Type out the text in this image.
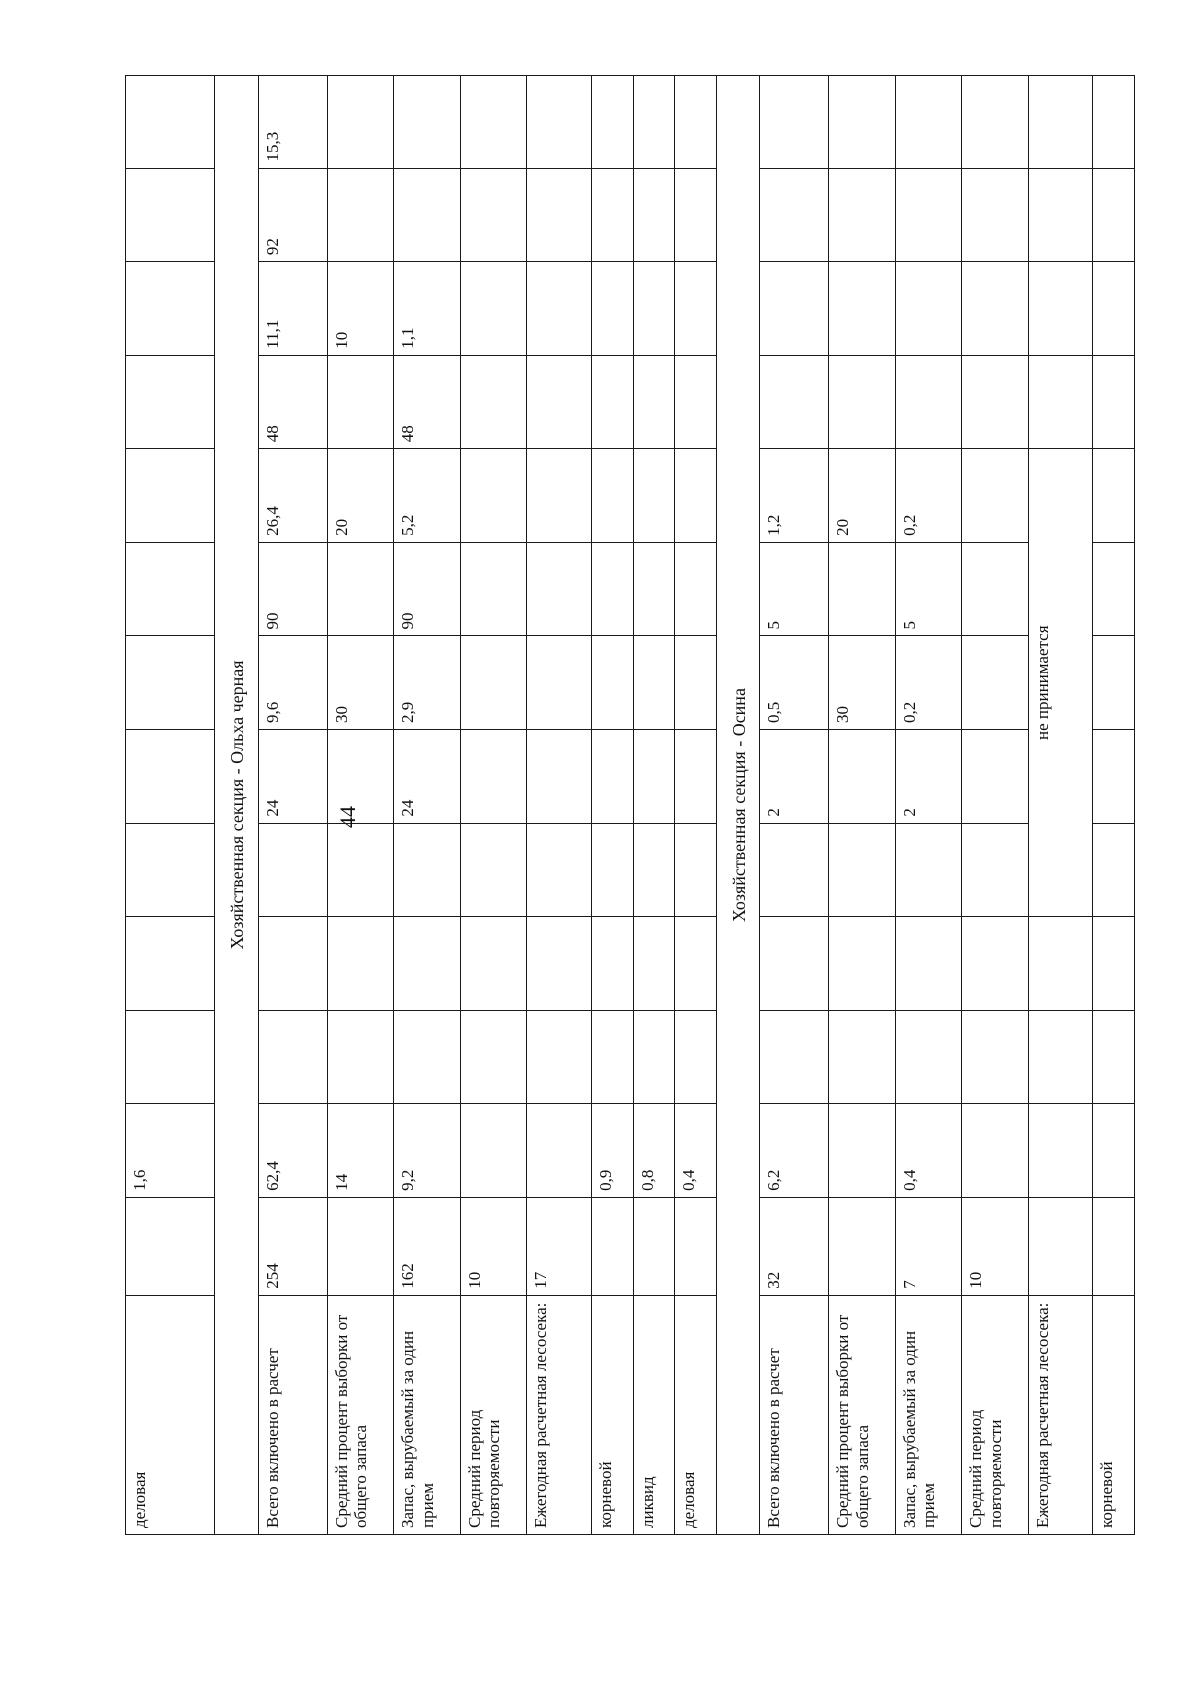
деловая		1,6											
Хозяйственная секция - Ольха черная													
Всего включено в расчет	254	62,4				24	9,6	90	26,4	48	11,1	92	15,3
Средний процент выборки от общего запаса		14					30		20		10		
Запас, вырубаемый за один прием	162	9,2				24	2,9	90	5,2	48	1,1		
Средний период повторяемости	10												
Ежегодная расчетная лесосека:	17												
корневой		0,9											
ликвид		0,8											
деловая		0,4											
Хозяйственная секция - Осина													
Всего включено в расчет	32	6,2				2	0,5	5	1,2				
Средний процент выборки от общего запаса							30		20				
Запас, вырубаемый за один прием	7	0,4				2	0,2	5	0,2				
Средний период повторяемости	10												
Ежегодная расчетная лесосека:					не принимается								
корневой													
44
